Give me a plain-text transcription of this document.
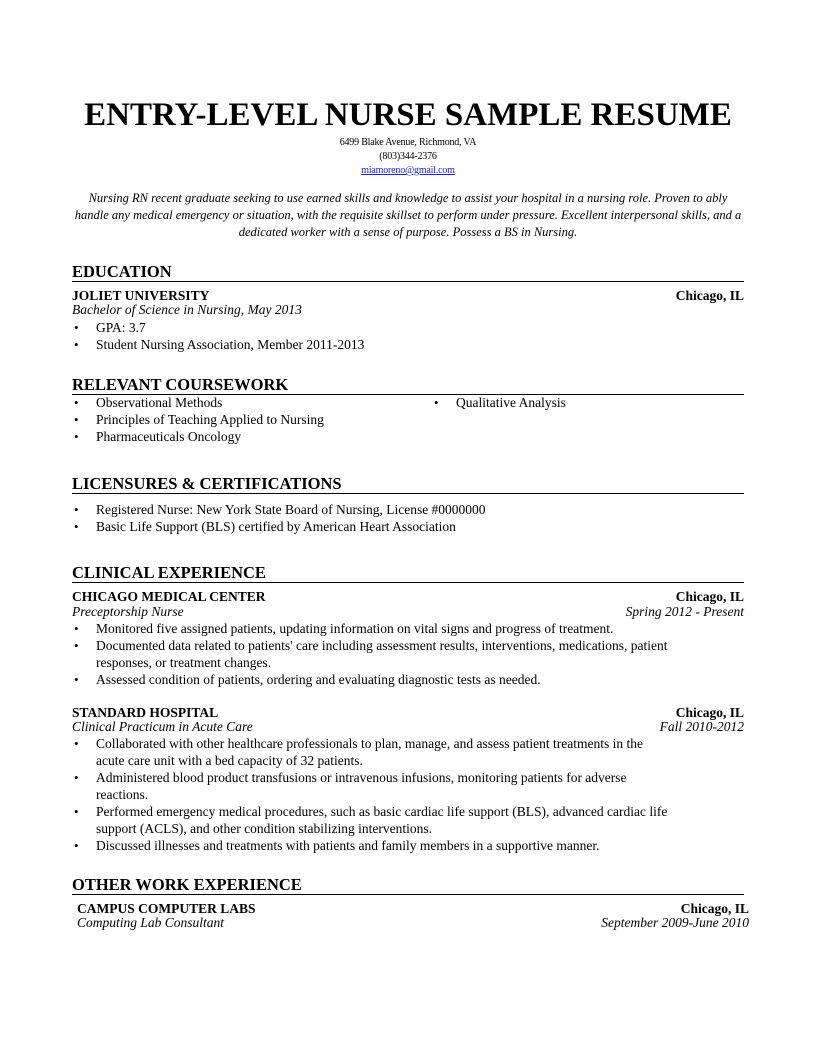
ENTRY-LEVEL NURSE SAMPLE RESUME
6499 Blake Avenue, Richmond, VA
(803)344-2376
miamoreno@gmail.com

Nursing RN recent graduate seeking to use earned skills and knowledge to assist your hospital in a nursing role. Proven to ably handle any medical emergency or situation, with the requisite skillset to perform under pressure. Excellent interpersonal skills, and a dedicated worker with a sense of purpose. Possess a BS in Nursing.

EDUCATION
JOLIET UNIVERSITY	Chicago, IL
Bachelor of Science in Nursing, May 2013
• GPA: 3.7
• Student Nursing Association, Member 2011-2013
RELEVANT COURSEWORK
• Observational Methods
• Principles of Teaching Applied to Nursing
• Pharmaceuticals Oncology
• Qualitative Analysis
LICENSURES & CERTIFICATIONS
• Registered Nurse: New York State Board of Nursing, License #0000000
• Basic Life Support (BLS) certified by American Heart Association
CLINICAL EXPERIENCE
CHICAGO MEDICAL CENTER	Chicago, IL
Preceptorship Nurse	Spring 2012 - Present
• Monitored five assigned patients, updating information on vital signs and progress of treatment.
• Documented data related to patients' care including assessment results, interventions, medications, patient responses, or treatment changes.
• Assessed condition of patients, ordering and evaluating diagnostic tests as needed.
STANDARD HOSPITAL	Chicago, IL
Clinical Practicum in Acute Care	Fall 2010-2012
• Collaborated with other healthcare professionals to plan, manage, and assess patient treatments in the acute care unit with a bed capacity of 32 patients.
• Administered blood product transfusions or intravenous infusions, monitoring patients for adverse reactions.
• Performed emergency medical procedures, such as basic cardiac life support (BLS), advanced cardiac life support (ACLS), and other condition stabilizing interventions.
• Discussed illnesses and treatments with patients and family members in a supportive manner.
OTHER WORK EXPERIENCE
CAMPUS COMPUTER LABS	Chicago, IL
Computing Lab Consultant	September 2009-June 2010
